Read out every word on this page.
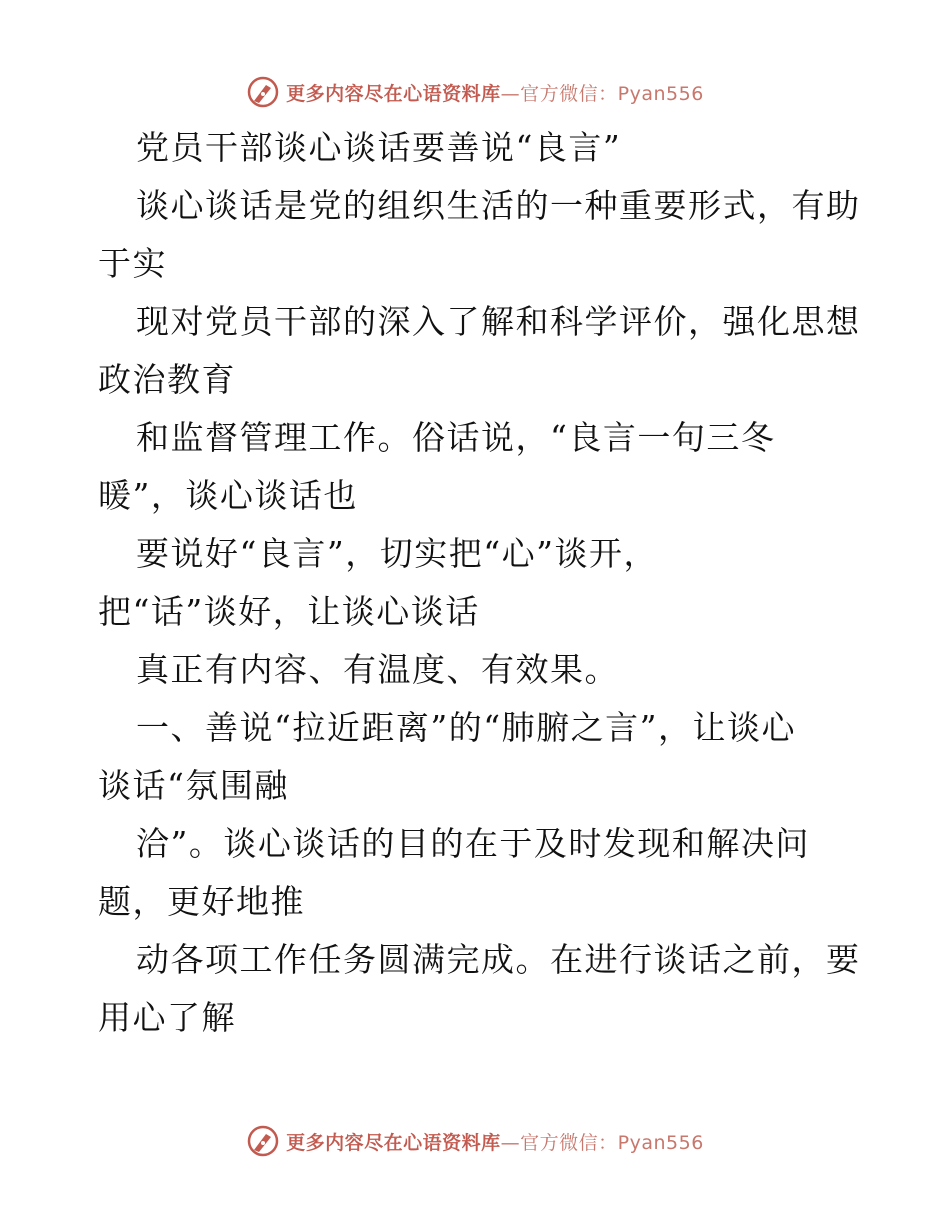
更多内容尽在心语资料库—官方微信：Pyan556
党员干部谈心谈话要善说“良言”
谈心谈话是党的组织生活的一种重要形式，有助
于实
现对党员干部的深入了解和科学评价，强化思想
政治教育
和监督管理工作。俗话说，“良言一句三冬
暖”，谈心谈话也
要说好“良言”，切实把“心”谈开，
把“话”谈好，让谈心谈话
真正有内容、有温度、有效果。
一、善说“拉近距离”的“肺腑之言”，让谈心
谈话“氛围融
洽”。谈心谈话的目的在于及时发现和解决问
题，更好地推
动各项工作任务圆满完成。在进行谈话之前，要
用心了解
更多内容尽在心语资料库—官方微信：Pyan556
